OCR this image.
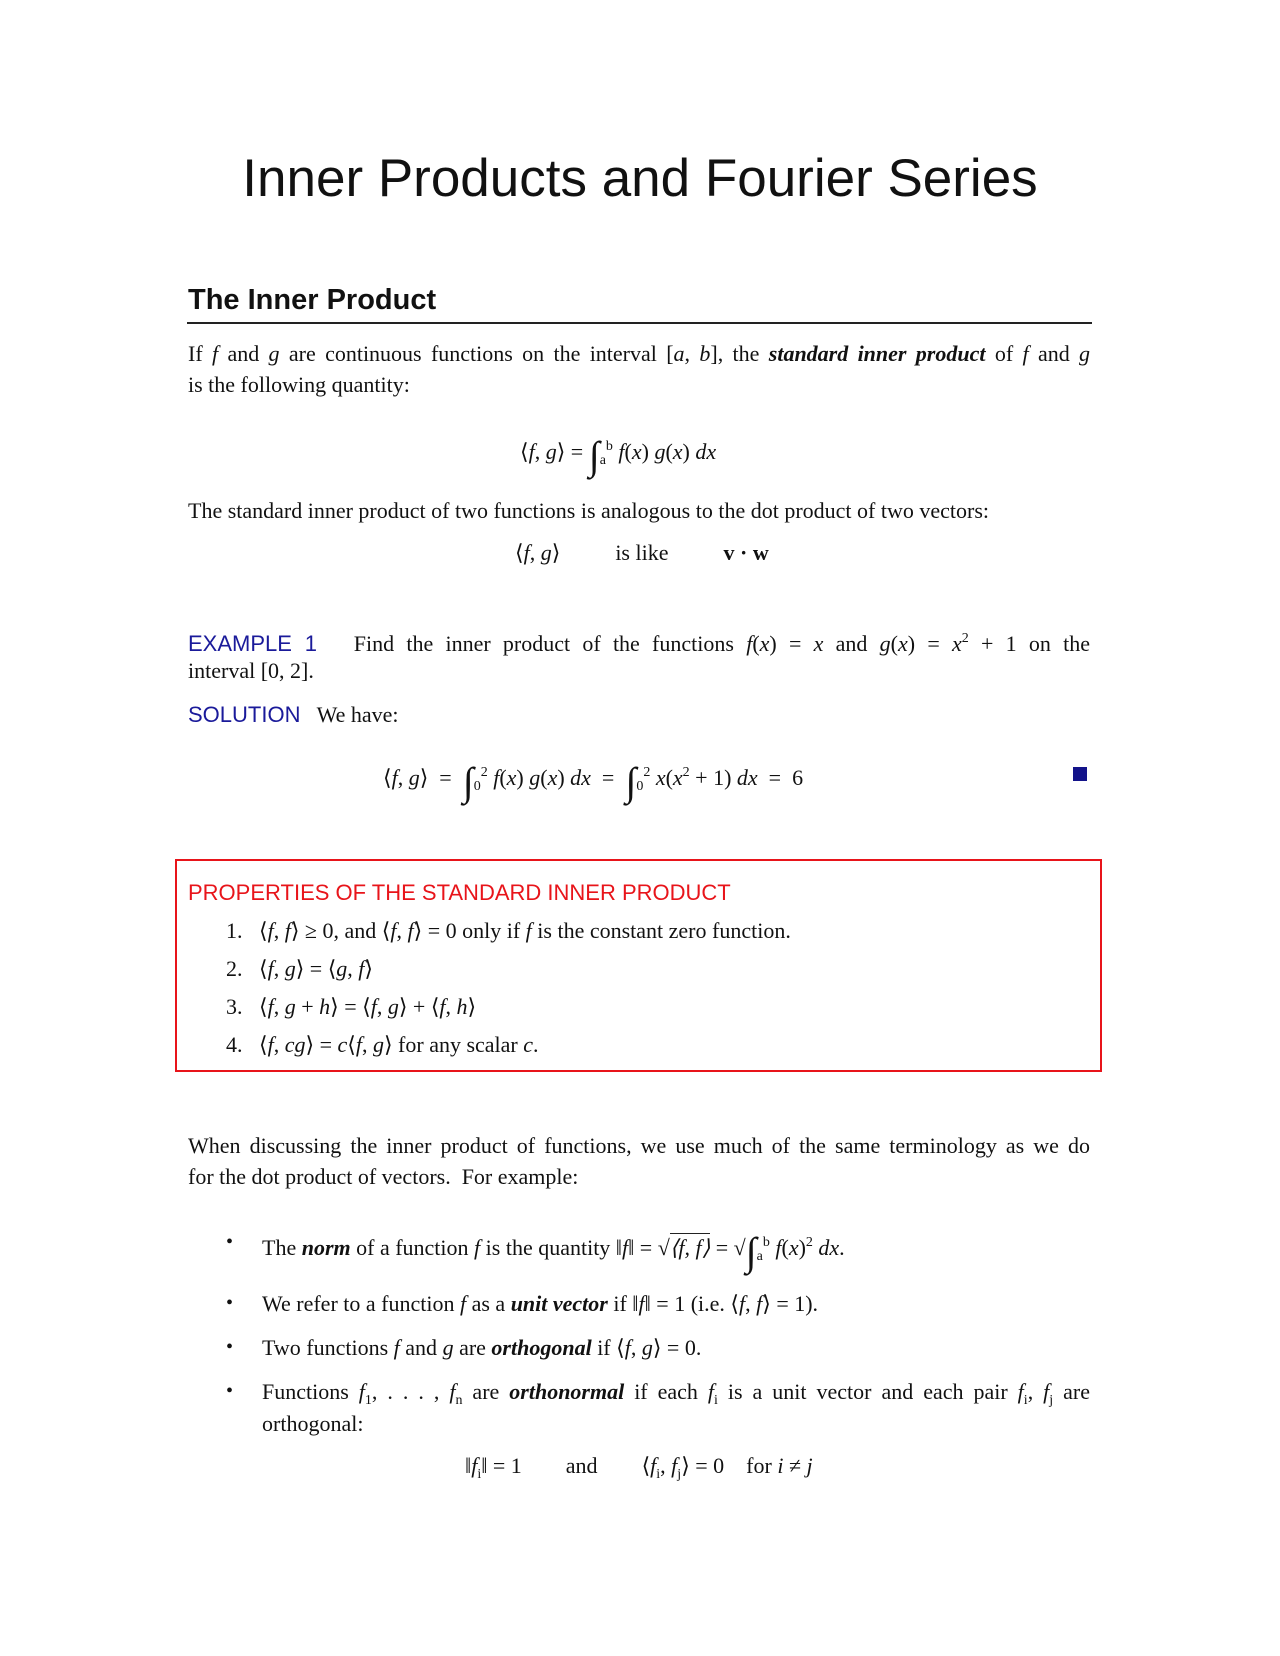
Inner Products and Fourier Series
The Inner Product
If f and g are continuous functions on the interval [a, b], the standard inner product of f and g
is the following quantity:
⟨f, g⟩ = $\int_a^b$ f(x) g(x) dx
The standard inner product of two functions is analogous to the dot product of two vectors:
⟨f, g⟩          is like          v · w
EXAMPLE 1   Find the inner product of the functions f(x) = x and $g(x) = x^2 + 1$ on the
interval [0, 2].
SOLUTION   We have:
⟨f, g⟩  =  $\int_0^2$ f(x) g(x) dx  =  $\int_0^2$ $x(x^2 + 1)$ dx  =  6
PROPERTIES OF THE STANDARD INNER PRODUCT
1.   ⟨f, f⟩ ≥ 0, and ⟨f, f⟩ = 0 only if f is the constant zero function.
2.   ⟨f, g⟩ = ⟨g, f⟩
3.   ⟨f, g + h⟩ = ⟨f, g⟩ + ⟨f, h⟩
4.   ⟨f, cg⟩ = c⟨f, g⟩ for any scalar c.
When discussing the inner product of functions, we use much of the same terminology as we do
for the dot product of vectors.  For example:
• The norm of a function f is the quantity ‖f‖ = √⟨f, f⟩ = $√\int_a^b$ $f(x)^2$ dx.
• We refer to a function f as a unit vector if ‖f‖ = 1 (i.e. ⟨f, f⟩ = 1).
• Two functions f and g are orthogonal if ⟨f, g⟩ = 0.
• Functions $f_1$, . . . , $f_n$ are orthonormal if each $f_i$ is a unit vector and each pair $f_i$, $f_j$ are
orthogonal:
$‖f_i‖ = 1$        and        $⟨f_i$, $f_j⟩ = 0$    for i ≠ j
